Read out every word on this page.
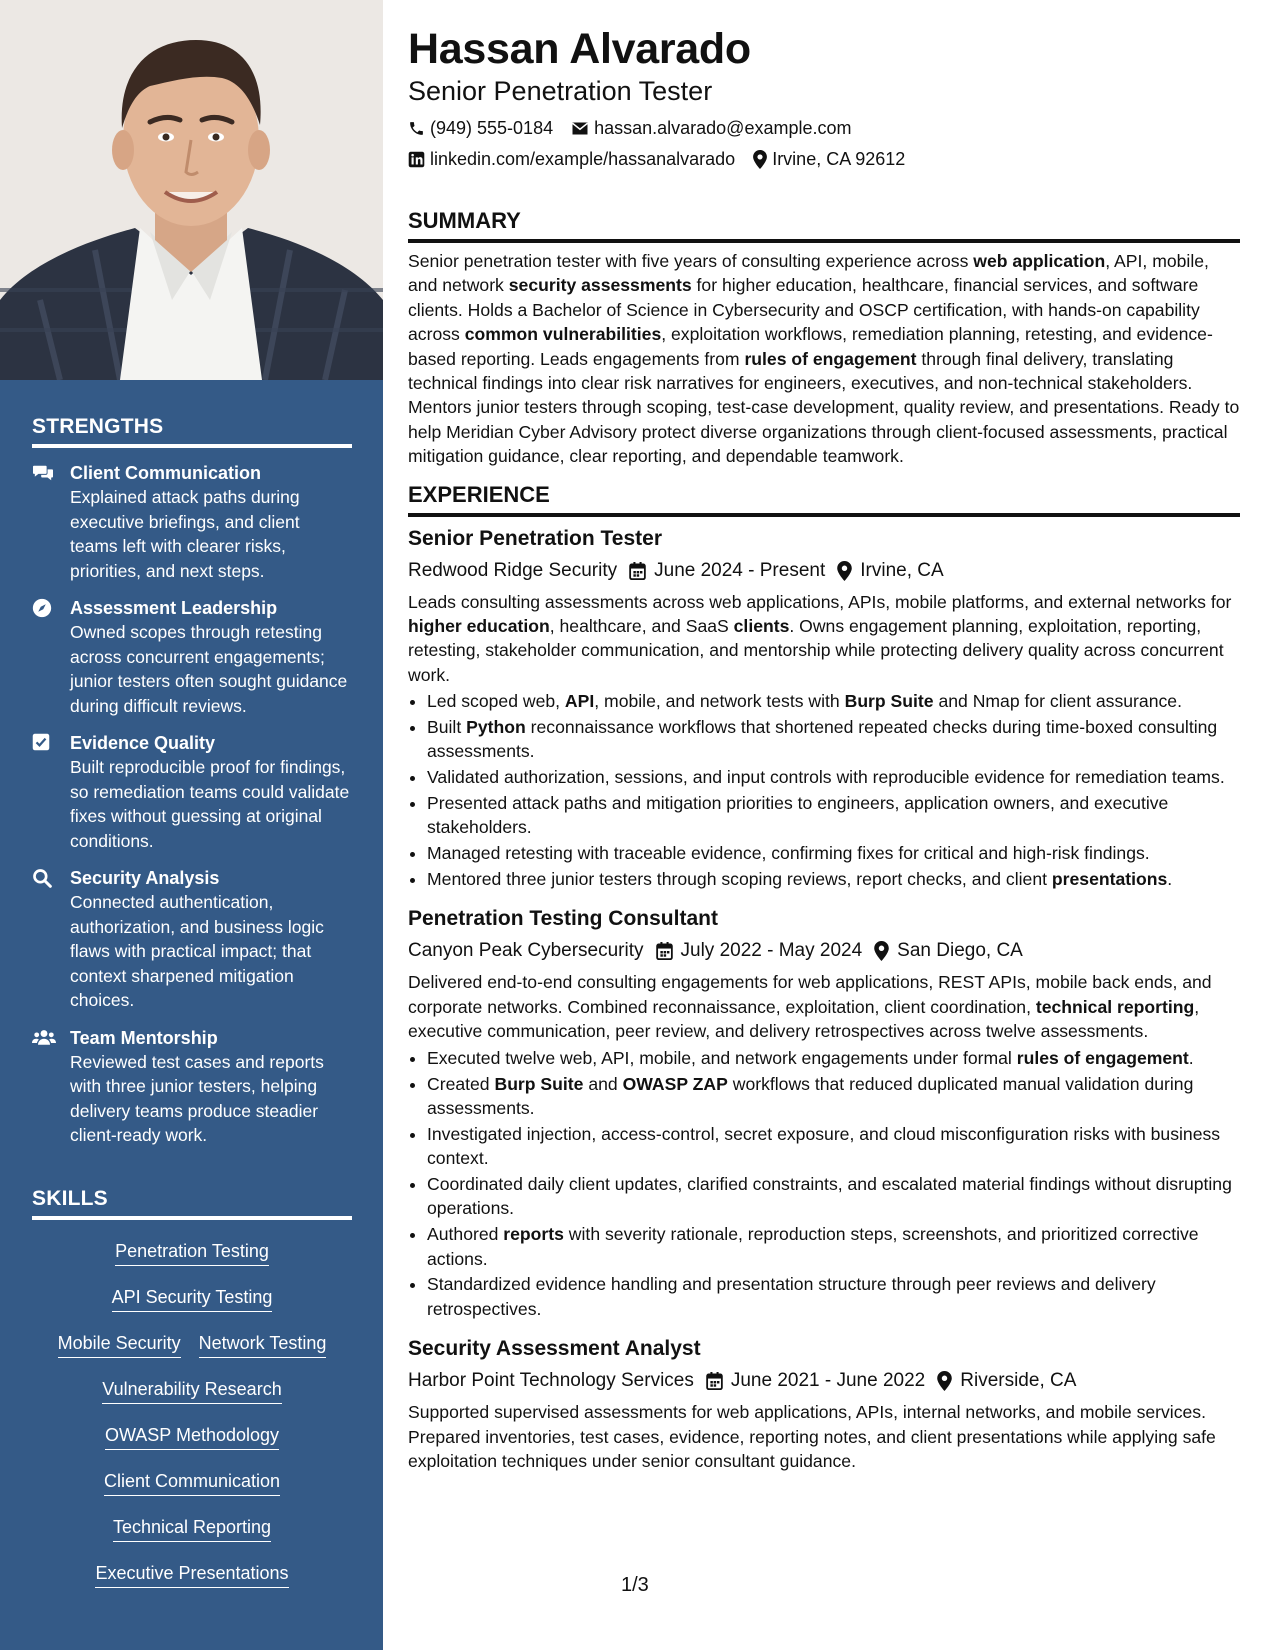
STRENGTHS
Client Communication
Explained attack paths during executive briefings, and client teams left with clearer risks, priorities, and next steps.
Assessment Leadership
Owned scopes through retesting across concurrent engagements; junior testers often sought guidance during difficult reviews.
Evidence Quality
Built reproducible proof for findings, so remediation teams could validate fixes without guessing at original conditions.
Security Analysis
Connected authentication, authorization, and business logic flaws with practical impact; that context sharpened mitigation choices.
Team Mentorship
Reviewed test cases and reports with three junior testers, helping delivery teams produce steadier client-ready work.
SKILLS
Penetration Testing
API Security Testing
Mobile Security Network Testing
Vulnerability Research
OWASP Methodology
Client Communication
Technical Reporting
Executive Presentations
Hassan Alvarado
Senior Penetration Tester
(949) 555-0184 hassan.alvarado@example.com
linkedin.com/example/hassanalvarado Irvine, CA 92612
SUMMARY

Senior penetration tester with five years of consulting experience across web application, API, mobile, and network security assessments for higher education, healthcare, financial services, and software clients. Holds a Bachelor of Science in Cybersecurity and OSCP certification, with hands-on capability across common vulnerabilities, exploitation workflows, remediation planning, retesting, and evidence-based reporting. Leads engagements from rules of engagement through final delivery, translating technical findings into clear risk narratives for engineers, executives, and non-technical stakeholders. Mentors junior testers through scoping, test-case development, quality review, and presentations. Ready to help Meridian Cyber Advisory protect diverse organizations through client-focused assessments, practical mitigation guidance, clear reporting, and dependable teamwork.

EXPERIENCE
Senior Penetration Tester
Redwood Ridge Security June 2024 - Present Irvine, CA

Leads consulting assessments across web applications, APIs, mobile platforms, and external networks for higher education, healthcare, and SaaS clients. Owns engagement planning, exploitation, reporting, retesting, stakeholder communication, and mentorship while protecting delivery quality across concurrent work.

• Led scoped web, API, mobile, and network tests with Burp Suite and Nmap for client assurance.
• Built Python reconnaissance workflows that shortened repeated checks during time-boxed consulting assessments.
• Validated authorization, sessions, and input controls with reproducible evidence for remediation teams.
• Presented attack paths and mitigation priorities to engineers, application owners, and executive stakeholders.
• Managed retesting with traceable evidence, confirming fixes for critical and high-risk findings.
• Mentored three junior testers through scoping reviews, report checks, and client presentations.
Penetration Testing Consultant
Canyon Peak Cybersecurity July 2022 - May 2024 San Diego, CA

Delivered end-to-end consulting engagements for web applications, REST APIs, mobile back ends, and corporate networks. Combined reconnaissance, exploitation, client coordination, technical reporting, executive communication, peer review, and delivery retrospectives across twelve assessments.

• Executed twelve web, API, mobile, and network engagements under formal rules of engagement.
• Created Burp Suite and OWASP ZAP workflows that reduced duplicated manual validation during assessments.
• Investigated injection, access-control, secret exposure, and cloud misconfiguration risks with business context.
• Coordinated daily client updates, clarified constraints, and escalated material findings without disrupting operations.
• Authored reports with severity rationale, reproduction steps, screenshots, and prioritized corrective actions.
• Standardized evidence handling and presentation structure through peer reviews and delivery retrospectives.
Security Assessment Analyst
Harbor Point Technology Services June 2021 - June 2022 Riverside, CA

Supported supervised assessments for web applications, APIs, internal networks, and mobile services. Prepared inventories, test cases, evidence, reporting notes, and client presentations while applying safe exploitation techniques under senior consultant guidance.

1/3
